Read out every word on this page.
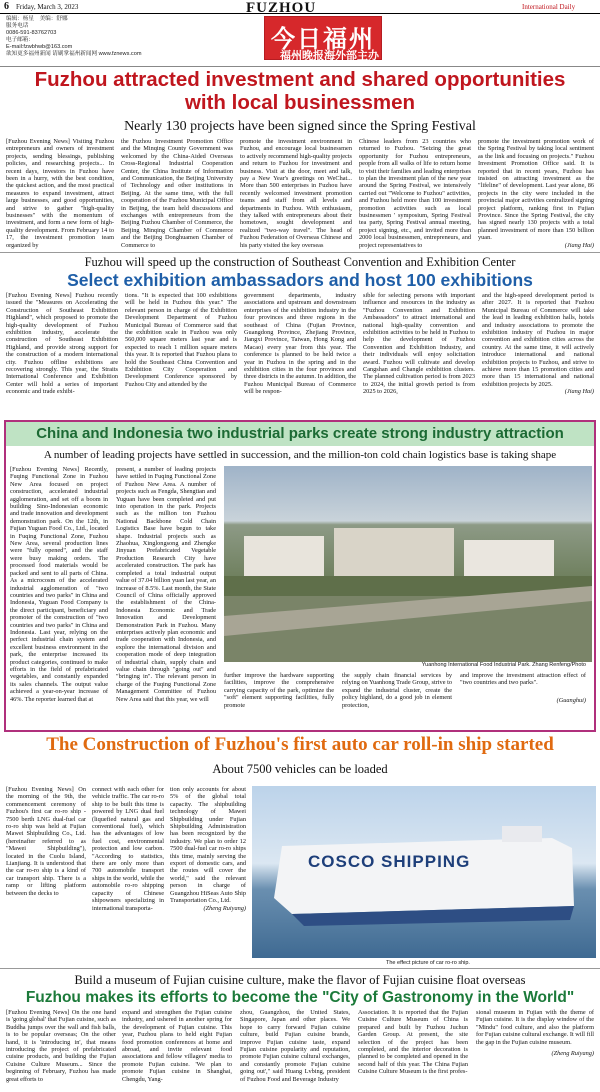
6 Friday, March 3, 2023	FUZHOU	International Daily
编辑：杨星　美编：舒娜
服务电话
0086-591-83762703
电子邮箱：
E-mail:fzwbhwb@163.com
欲知更多福州新闻 请刷掌福州新闻网 www.fznews.com
今日福州
福州晚报海外部主办
Fuzhou attracted investment and shared opportunities with local businessmen
Nearly 130 projects have been signed since the Spring Festival

[Fuzhou Evening News] Visiting Fuzhou entrepreneurs and owners of investment projects, sending blessings, publishing policies, and researching projects... In recent days, investors in Fuzhou have been in a hurry, with the best condition, the quickest action, and the most practical measures to expand investment, attract large businesses, and good opportunities, and strive to gather "high-quality businesses" with the momentum of investment, and form a new form of high-quality development. From February 14 to 17, the investment promotion team organized by

the Fuzhou Investment Promotion Office and the Minqing County Government was welcomed by the China-Aided Overseas Cross-Regional Industrial Cooperation Center, the China Institute of Information and Communication, the Beijing University of Technology and other institutions in Beijing. At the same time, with the full cooperation of the Fuzhou Municipal Office in Beijing, the team held discussions and exchanges with entrepreneurs from the Beijing Fuzhou Chamber of Commerce, the Beijing Minqing Chamber of Commerce and the Beijing Donghuamen Chamber of Commerce to

promote the investment environment in Fuzhou, and encourage local businessmen to actively recommend high-quality projects and return to Fuzhou for investment and business. Visit at the door, meet and talk, pay a New Year's greetings on WeChat... More than 500 enterprises in Fuzhou have recently welcomed investment promotion teams and staff from all levels and departments in Fuzhou. With enthusiasm, they talked with entrepreneurs about their hometown, sought development and realized "two-way travel". The head of Fuzhou Federation of Overseas Chinese and his party visited the key overseas

Chinese leaders from 23 countries who returned to Fuzhou. "Seizing the great opportunity for Fuzhou entrepreneurs, people from all walks of life to return home to visit their families and leading enterprises to plan the investment plan of the new year around the Spring Festival, we intensively carried out "Welcome to Fuzhou" activities, and Fuzhou held more than 100 investment promotion activities such as local businessmen ' symposium, Spring Festival tea party, Spring Festival annual meeting, project signing, etc., and invited more than 2000 local businessmen, entrepreneurs, and project representatives to

promote the investment promotion work of the Spring Festival by taking local sentiment as the link and focusing on projects." Fuzhou Investment Promotion Office said. It is reported that in recent years, Fuzhou has insisted on attracting investment as the "lifeline" of development. Last year alone, 86 projects in the city were included in the provincial major activities centralized signing project platform, ranking first in Fujian Province. Since the Spring Festival, the city has signed nearly 130 projects with a total planned investment of more than 150 billion yuan.

(Jiang Hai)
Fuzhou will speed up the construction of Southeast Convention and Exhibition Center
Select exhibition ambassadors and host 100 exhibitions

[Fuzhou Evening News] Fuzhou recently issued the "Measures on Accelerating the Construction of Southeast Exhibition Highland", which proposed to promote the high-quality development of Fuzhou exhibition industry, accelerate the construction of Southeast Exhibition Highland, and provide strong support for the construction of a modern international city. Fuzhou offline exhibitions are recovering strongly. This year, the Straits International Conference and Exhibition Center will hold a series of important economic and trade exhibi-

tions. "It is expected that 100 exhibitions will be held in Fuzhou this year." The relevant person in charge of the Exhibition Development Department of Fuzhou Municipal Bureau of Commerce said that the exhibition scale in Fuzhou was only 560,000 square meters last year and is expected to reach 1 million square meters this year. It is reported that Fuzhou plans to hold the Southeast China Convention and Exhibition City Cooperation and Development Conference sponsored by Fuzhou City and attended by the

government departments, industry associations and upstream and downstream enterprises of the exhibition industry in the four provinces and three regions in the southeast of China (Fujian Province, Guangdong Province, Zhejiang Province, Jiangxi Province, Taiwan, Hong Kong and Macao) every year from this year. The conference is planned to be held twice a year in Fuzhou in the spring and in the exhibition cities in the four provinces and three districts in the autumn. In addition, the Fuzhou Municipal Bureau of Commerce will be respon-

sible for selecting persons with important influence and resources in the industry as "Fuzhou Convention and Exhibition Ambassadors" to attract international and national high-quality convention and exhibition activities to be held in Fuzhou to help the development of Fuzhou Convention and Exhibition Industry, and their individuals will enjoy solicitation award. Fuzhou will cultivate and develop Cangshan and Changle exhibition clusters. The planned cultivation period is from 2023 to 2024, the initial growth period is from 2025 to 2026,

and the high-speed development period is after 2027. It is reported that Fuzhou Municipal Bureau of Commerce will take the lead in leading exhibition halls, hotels and industry associations to promote the exhibition industry of Fuzhou in major convention and exhibition cities across the country. At the same time, it will actively introduce international and national exhibition projects to Fuzhou, and strive to achieve more than 15 promotion cities and more than 15 international and national exhibition projects by 2025.

(Jiang Hai)
China and Indonesia two industrial parks create strong industry attraction
A number of leading projects have settled in succession, and the million-ton cold chain logistics base is taking shape

[Fuzhou Evening News] Recently, Fuqing Functional Zone in Fuzhou New Area focused on project construction, accelerated industrial agglomeration, and set off a boom in building Sino-Indonesian economic and trade innovation and development demonstration park. On the 12th, in Fujian Yuguan Food Co., Ltd., located in Fuqing Functional Zone, Fuzhou New Area, several production lines were "fully opened", and the staff were busy making orders. The processed food materials would be packed and sent to all parts of China. As a microcosm of the accelerated industrial agglomeration of "two countries and two parks" in China and Indonesia, Yuguan Food Company is the direct participant, beneficiary and promoter of the construction of "two countries and two parks" in China and Indonesia. Last year, relying on the perfect industrial chain system and excellent business environment in the park, the enterprise increased its product categories, continued to make efforts in the field of prefabricated vegetables, and constantly expanded its sales channels. The output value achieved a year-on-year increase of 46%. The reporter learned that at

present, a number of leading projects have settled in Fuqing Functional Zone of Fuzhou New Area. A number of projects such as Fengda, Shengtian and Yuguan have been completed and put into operation in the park. Projects such as the million ton Fuzhou National Backbone Cold Chain Logistics Base have begun to take shape. Industrial projects such as Zhaohua, Xinglongsong and Zhengke Jinyuan Prefabricated Vegetable Production Research City have accelerated construction. The park has completed a total industrial output value of 37.04 billion yuan last year, an increase of 8.5%. Last month, the State Council of China officially approved the establishment of the China-Indonesia Economic and Trade Innovation and Development Demonstration Park in Fuzhou. Many enterprises actively plan economic and trade cooperation with Indonesia, and explore the international division and cooperation mode of deep integration of industrial chain, supply chain and value chain through "going out" and "bringing in". The relevant person in charge of the Fuqing Functional Zone Management Committee of Fuzhou New Area said that this year, we will

Yuanhong International Food Industrial Park. Zhang Renfeng/Photo

further improve the hardware supporting facilities, improve the comprehensive carrying capacity of the park, optimize the "soft" element supporting facilities, fully promote

the supply chain financial services by relying on Yuanhong Trade Group, strive to expand the industrial cluster, create the policy highland, do a good job in element protection,

and improve the investment attraction effect of "two countries and two parks".

(Guanghui)
The Construction of Fuzhou's first auto car roll-in ship started
About 7500 vehicles can be loaded

[Fuzhou Evening News] On the morning of the 9th, the commencement ceremony of Fuzhou's first car ro-ro ship - 7500 berth LNG dual-fuel car ro-ro ship was held at Fujian Mawei Shipbuilding Co., Ltd. (hereinafter referred to as "Mawei Shipbuilding"), located in the Cuolu Island, Lianjiang. It is understood that the car ro-ro ship is a kind of car transport ship. There is a ramp or lifting platform between the decks to

connect with each other for vehicle traffic. The car ro-ro ship to be built this time is powered by LNG dual fuel (liquefied natural gas and conventional fuel), which has the advantages of low fuel cost, environmental protection and low carbon. "According to statistics, there are only more than 700 automobile transport ships in the world, while the automobile ro-ro shipping capacity of Chinese shipowners specializing in international transporta-

tion only accounts for about 5% of the global total capacity. The shipbuilding technology of Mawei Shipbuilding under Fujian Shipbuilding Administration has been recognized by the industry. We plan to order 12 7500 dual-fuel car ro-ro ships this time, mainly serving the export of domestic cars, and the routes will cover the world," said the relevant person in charge of Guangzhou HiSeas Auto Ship Transportation Co., Ltd.

(Zheng Ruiyang)
COSCO SHIPPING
The effect picture of car ro-ro ship.
Build a museum of Fujian cuisine culture, make the flavor of Fujian cuisine float overseas
Fuzhou makes its efforts to become the "City of Gastronomy in the World"

[Fuzhou Evening News] On the one hand is 'going global' that Fujian cuisine, such as Buddha jumps over the wall and fish balls, is to be popular overseas; On the other hand, it is 'introducing in', that means introducing the project of prefabricated cuisine products, and building the Fujian Cuisine Culture Museum... Since the beginning of February, Fuzhou has made great efforts to

expand and strengthen the Fujian cuisine industry, and ushered in another spring for the development of Fujian cuisine. This year, Fuzhou plans to held eight Fujian food promotion conferences at home and abroad, and invite relevant food associations and fellow villagers' media to promote Fujian cuisine. 'We plan to promote Fujian cuisine in Shanghai, Chengdu, Yang-

zhou, Guangzhou, the United States, Singapore, Japan and other places. We hope to carry forward Fujian cuisine culture, build Fujian cuisine brands, improve Fujian cuisine taste, expand Fujian cuisine popularity and reputation, promote Fujian cuisine cultural exchanges, and constantly promote Fujian cuisine going out'," said Huang Lvbing, president of Fuzhou Food and Beverage Industry

Association. It is reported that the Fujian Cuisine Culture Museum of China is prepared and built by Fuzhou Juchun Garden Group. At present, the site selection of the project has been completed, and the interior decoration is planned to be completed and opened in the second half of this year. The China Fujian Cuisine Culture Museum is the first profes-

sional museum in Fujian with the theme of Fujian cuisine. It is the display window of the "Mindu" food culture, and also the platform for Fujian cuisine cultural exchange. It will fill the gap in the Fujian cuisine museum.

(Zheng Ruiyang)
